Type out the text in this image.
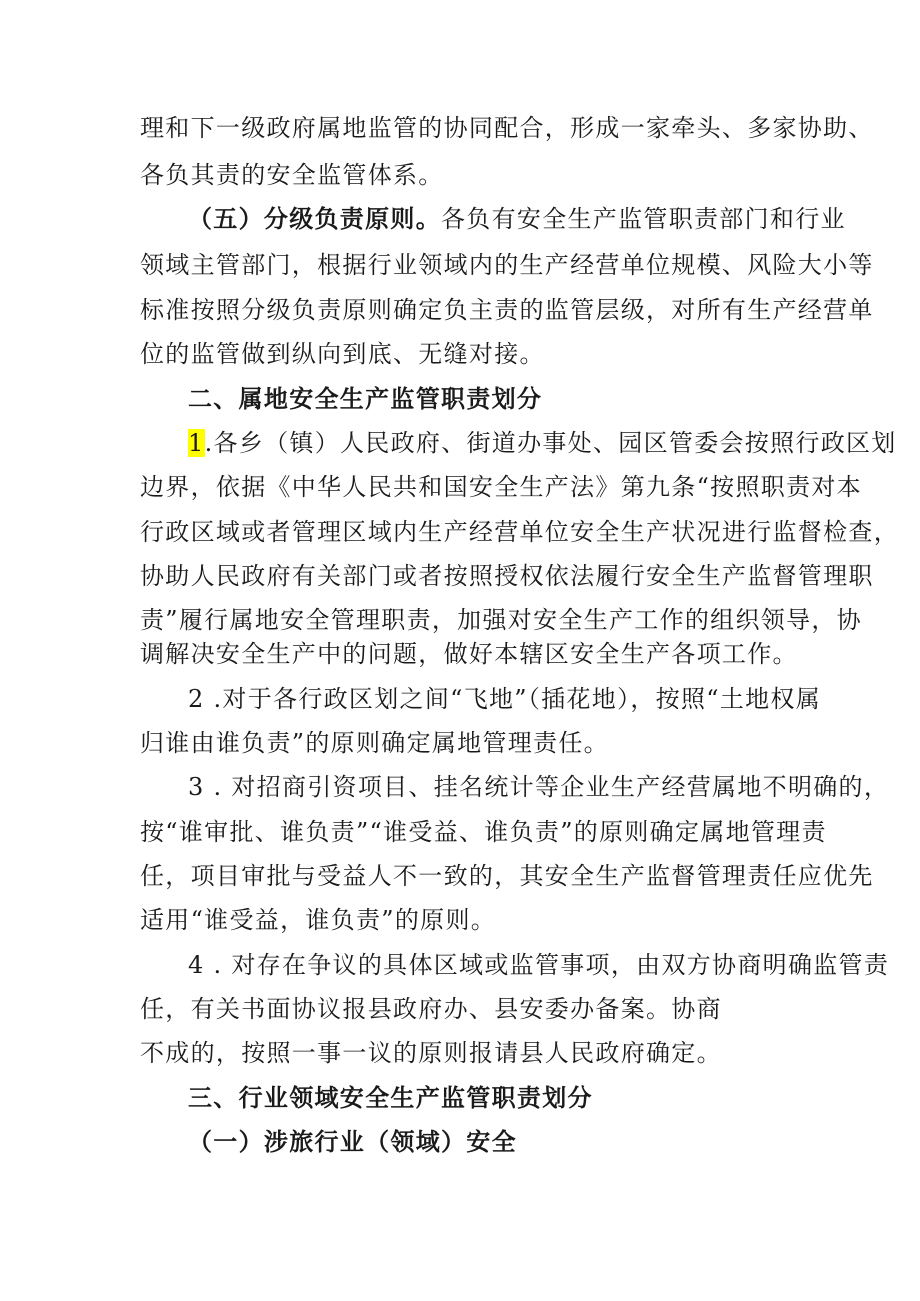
理和下一级政府属地监管的协同配合，形成一家牵头、多家协助、
各负其责的安全监管体系。
（五）分级负责原则。各负有安全生产监管职责部门和行业
领域主管部门，根据行业领域内的生产经营单位规模、风险大小等
标准按照分级负责原则确定负主责的监管层级，对所有生产经营单
位的监管做到纵向到底、无缝对接。
二、属地安全生产监管职责划分
1.各乡（镇）人民政府、街道办事处、园区管委会按照行政区划
边界，依据《中华人民共和国安全生产法》第九条“按照职责对本
行政区域或者管理区域内生产经营单位安全生产状况进行监督检查，
协助人民政府有关部门或者按照授权依法履行安全生产监督管理职
责”履行属地安全管理职责，加强对安全生产工作的组织领导，协
调解决安全生产中的问题，做好本辖区安全生产各项工作。
2 .对于各行政区划之间“飞地”（插花地），按照“土地权属
归谁由谁负责”的原则确定属地管理责任。
3 . 对招商引资项目、挂名统计等企业生产经营属地不明确的，
按“谁审批、谁负责”“谁受益、谁负责”的原则确定属地管理责
任，项目审批与受益人不一致的，其安全生产监督管理责任应优先
适用“谁受益，谁负责”的原则。
4 . 对存在争议的具体区域或监管事项，由双方协商明确监管责
任，有关书面协议报县政府办、县安委办备案。协商
不成的，按照一事一议的原则报请县人民政府确定。
三、行业领域安全生产监管职责划分
（一）涉旅行业（领域）安全
